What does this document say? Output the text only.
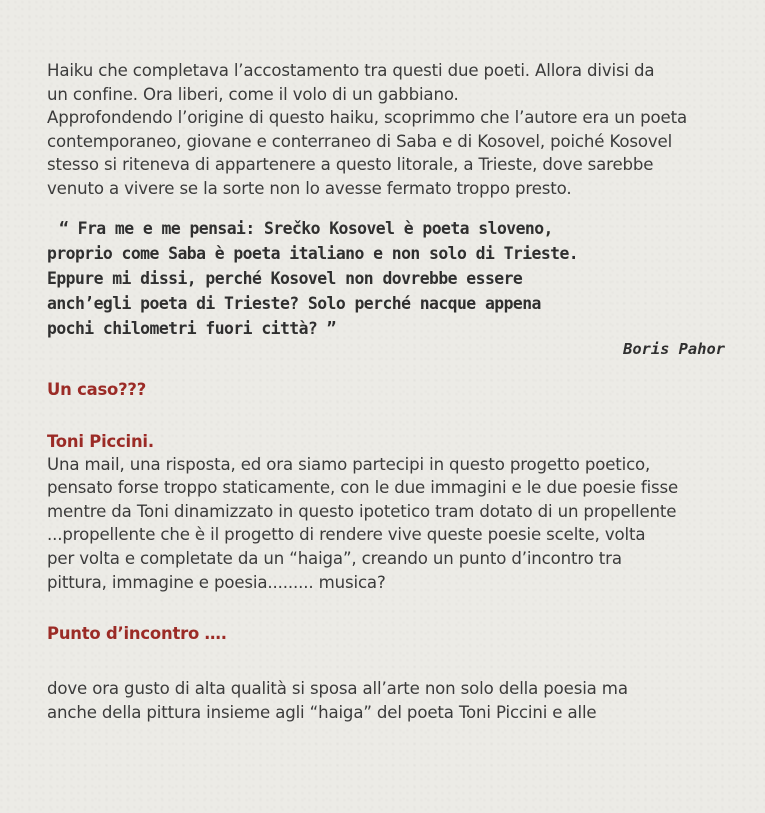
Haiku che completava l’accostamento tra questi due poeti. Allora divisi da
un confine. Ora liberi, come il volo di un gabbiano.
Approfondendo l’origine di questo haiku, scoprimmo che l’autore era un poeta
contemporaneo, giovane e conterraneo di Saba e di Kosovel, poiché Kosovel
stesso si riteneva di appartenere a questo litorale, a Trieste, dove sarebbe
venuto a vivere se la sorte non lo avesse fermato troppo presto.
“ Fra me e me pensai: Srečko Kosovel è poeta sloveno,
proprio come Saba è poeta italiano e non solo di Trieste.
Eppure mi dissi, perché Kosovel non dovrebbe essere
anch’egli poeta di Trieste? Solo perché nacque appena
pochi chilometri fuori città? ”
Boris Pahor
Un caso???
Toni Piccini.
Una mail, una risposta, ed ora siamo partecipi in questo progetto poetico,
pensato forse troppo staticamente, con le due immagini e le due poesie fisse
mentre da Toni dinamizzato in questo ipotetico tram dotato di un propellente
...propellente che è il progetto di rendere vive queste poesie scelte, volta
per volta e completate da un “haiga”, creando un punto d’incontro tra
pittura, immagine e poesia......... musica?
Punto d’incontro ….
dove ora gusto di alta qualità si sposa all’arte non solo della poesia ma
anche della pittura insieme agli “haiga” del poeta Toni Piccini e alle
